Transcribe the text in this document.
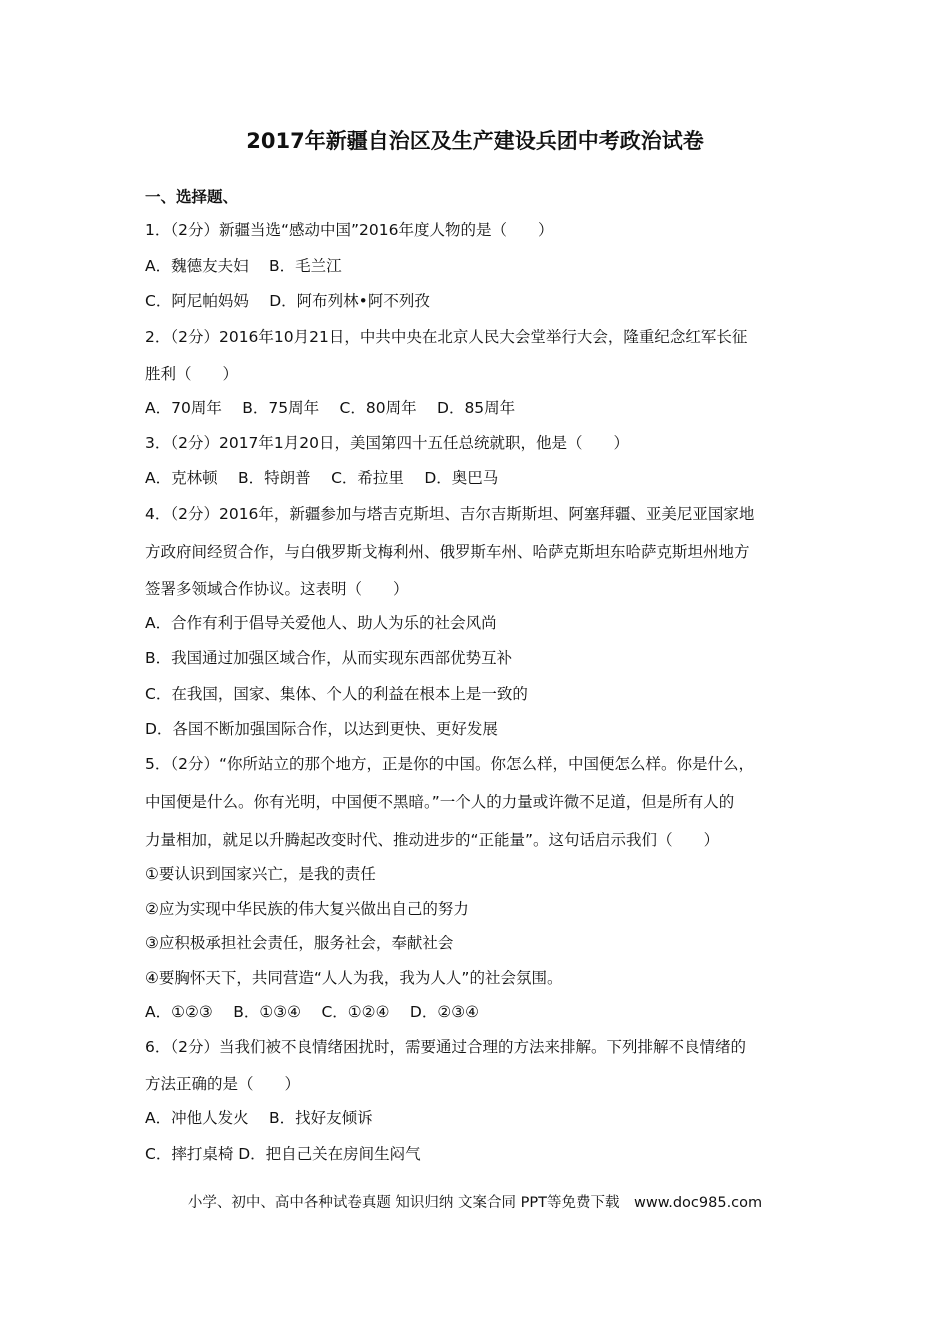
2017年新疆自治区及生产建设兵团中考政治试卷
一、选择题、
1．（2分）新疆当选“感动中国”2016年度人物的是（　　）
A．魏德友夫妇　 B．毛兰江
C．阿尼帕妈妈　 D．阿布列林•阿不列孜
2．（2分）2016年10月21日，中共中央在北京人民大会堂举行大会，隆重纪念红军长征
胜利（　　）
A．70周年　 B．75周年　 C．80周年　 D．85周年
3．（2分）2017年1月20日，美国第四十五任总统就职，他是（　　）
A．克林顿　 B．特朗普　 C．希拉里　 D．奥巴马
4．（2分）2016年，新疆参加与塔吉克斯坦、吉尔吉斯斯坦、阿塞拜疆、亚美尼亚国家地
方政府间经贸合作，与白俄罗斯戈梅利州、俄罗斯车州、哈萨克斯坦东哈萨克斯坦州地方
签署多领域合作协议。这表明（　　）
A．合作有利于倡导关爱他人、助人为乐的社会风尚
B．我国通过加强区域合作，从而实现东西部优势互补
C．在我国，国家、集体、个人的利益在根本上是一致的
D．各国不断加强国际合作，以达到更快、更好发展
5．（2分）“你所站立的那个地方，正是你的中国。你怎么样，中国便怎么样。你是什么，
中国便是什么。你有光明，中国便不黑暗。”一个人的力量或许微不足道，但是所有人的
力量相加，就足以升腾起改变时代、推动进步的“正能量”。这句话启示我们（　　）
①要认识到国家兴亡，是我的责任
②应为实现中华民族的伟大复兴做出自己的努力
③应积极承担社会责任，服务社会，奉献社会
④要胸怀天下，共同营造“人人为我，我为人人”的社会氛围。
A．①②③　 B．①③④　 C．①②④　 D．②③④
6．（2分）当我们被不良情绪困扰时，需要通过合理的方法来排解。下列排解不良情绪的
方法正确的是（　　）
A．冲他人发火　 B．找好友倾诉
C．摔打桌椅 D．把自己关在房间生闷气
小学、初中、高中各种试卷真题 知识归纳 文案合同 PPT等免费下载　www.doc985.com
